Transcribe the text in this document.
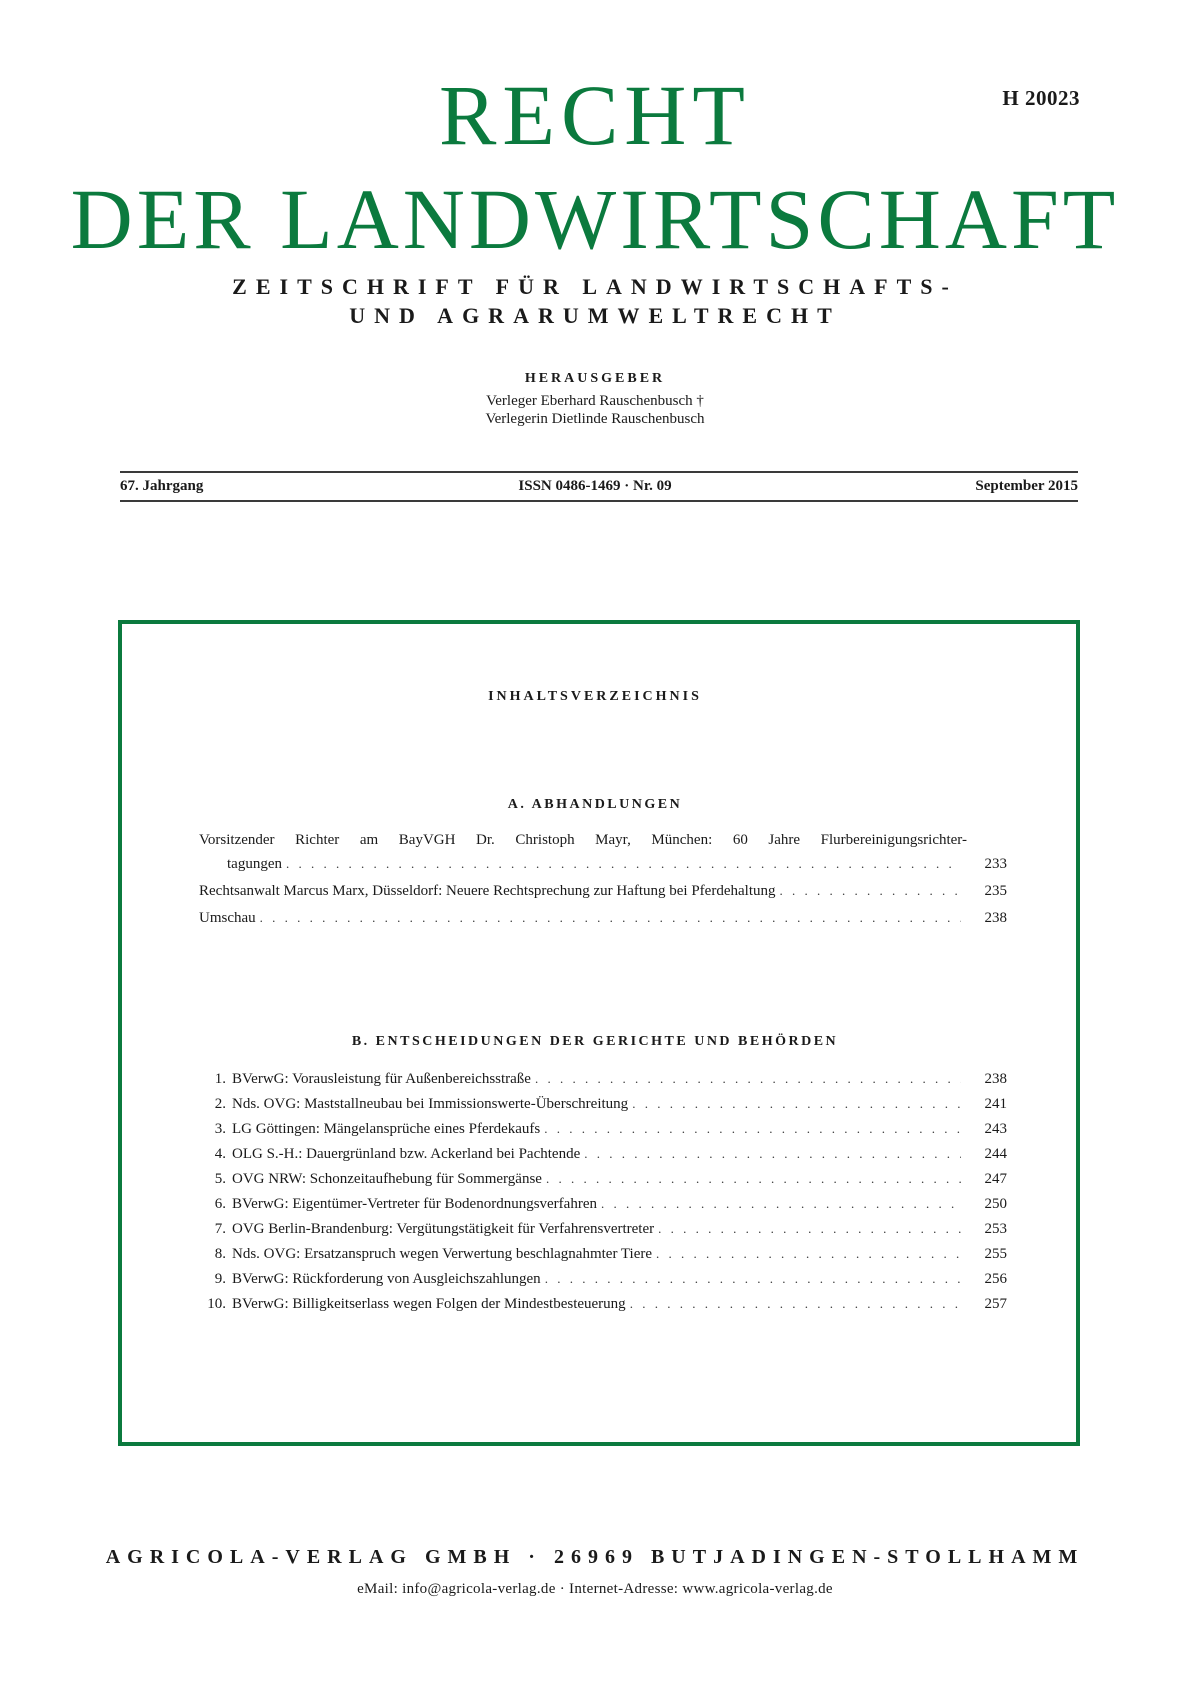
H 20023
RECHT
DER LANDWIRTSCHAFT
ZEITSCHRIFT FÜR LANDWIRTSCHAFTS-
UND AGRARUMWELTRECHT
HERAUSGEBER
Verleger Eberhard Rauschenbusch †
Verlegerin Dietlinde Rauschenbusch
67. Jahrgang	ISSN 0486-1469 · Nr. 09	September 2015
INHALTSVERZEICHNIS
A. ABHANDLUNGEN
Vorsitzender Richter am BayVGH Dr. Christoph Mayr, München: 60 Jahre Flurbereinigungsrichter-
tagungen . . .	233
Rechtsanwalt Marcus Marx, Düsseldorf: Neuere Rechtsprechung zur Haftung bei Pferdehaltung . . .	235
Umschau . . .	238
B. ENTSCHEIDUNGEN DER GERICHTE UND BEHÖRDEN
1. BVerwG: Vorausleistung für Außenbereichsstraße . . .	238
2. Nds. OVG: Maststallneubau bei Immissionswerte-Überschreitung . . .	241
3. LG Göttingen: Mängelansprüche eines Pferdekaufs . . .	243
4. OLG S.-H.: Dauergrünland bzw. Ackerland bei Pachtende . . .	244
5. OVG NRW: Schonzeitaufhebung für Sommergänse . . .	247
6. BVerwG: Eigentümer-Vertreter für Bodenordnungsverfahren . . .	250
7. OVG Berlin-Brandenburg: Vergütungstätigkeit für Verfahrensvertreter . . .	253
8. Nds. OVG: Ersatzanspruch wegen Verwertung beschlagnahmter Tiere . . .	255
9. BVerwG: Rückforderung von Ausgleichszahlungen . . .	256
10. BVerwG: Billigkeitserlass wegen Folgen der Mindestbesteuerung . . .	257
AGRICOLA-VERLAG GMBH · 26969 BUTJADINGEN-STOLLHAMM
eMail: info@agricola-verlag.de · Internet-Adresse: www.agricola-verlag.de
